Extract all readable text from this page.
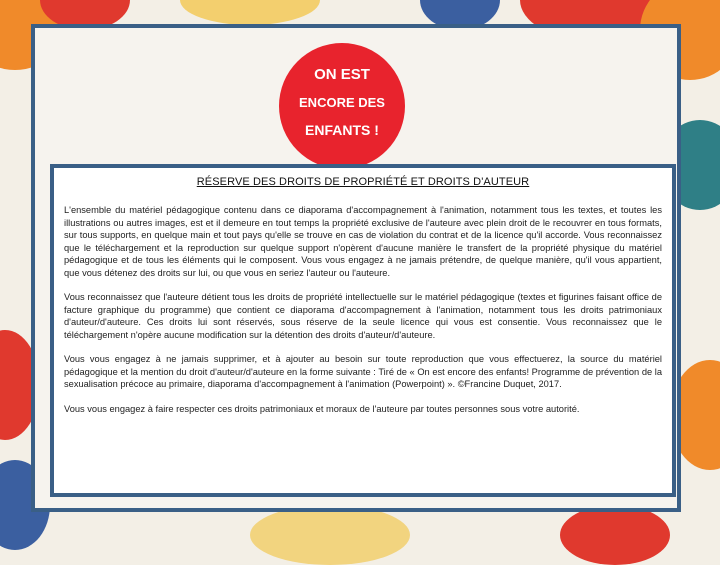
ON EST
ENCORE DES
ENFANTS !
RÉSERVE DES DROITS DE PROPRIÉTÉ ET DROITS D'AUTEUR

L'ensemble du matériel pédagogique contenu dans ce diaporama d'accompagnement à l'animation, notamment tous les textes, et toutes les illustrations ou autres images, est et il demeure en tout temps la propriété exclusive de l'auteure avec plein droit de le recouvrer en tous formats, sur tous supports, en quelque main et tout pays qu'elle se trouve en cas de violation du contrat et de la licence qu'il accorde. Vous reconnaissez que le téléchargement et la reproduction sur quelque support n'opèrent d'aucune manière le transfert de la propriété physique du matériel pédagogique et de tous les éléments qui le composent. Vous vous engagez à ne jamais prétendre, de quelque manière, qu'il vous appartient, que vous détenez des droits sur lui, ou que vous en seriez l'auteur ou l'auteure.

Vous reconnaissez que l'auteure détient tous les droits de propriété intellectuelle sur le matériel pédagogique (textes et figurines faisant office de facture graphique du programme) que contient ce diaporama d'accompagnement à l'animation, notamment tous les droits patrimoniaux d'auteur/d'auteure. Ces droits lui sont réservés, sous réserve de la seule licence qui vous est consentie. Vous reconnaissez que le téléchargement n'opère aucune modification sur la détention des droits d'auteur/d'auteure.

Vous vous engagez à ne jamais supprimer, et à ajouter au besoin sur toute reproduction que vous effectuerez, la source du matériel pédagogique et la mention du droit d'auteur/d'auteure en la forme suivante : Tiré de « On est encore des enfants! Programme de prévention de la sexualisation précoce au primaire, diaporama d'accompagnement à l'animation (Powerpoint) ». ©Francine Duquet, 2017.

Vous vous engagez à faire respecter ces droits patrimoniaux et moraux de l'auteure par toutes personnes sous votre autorité.
